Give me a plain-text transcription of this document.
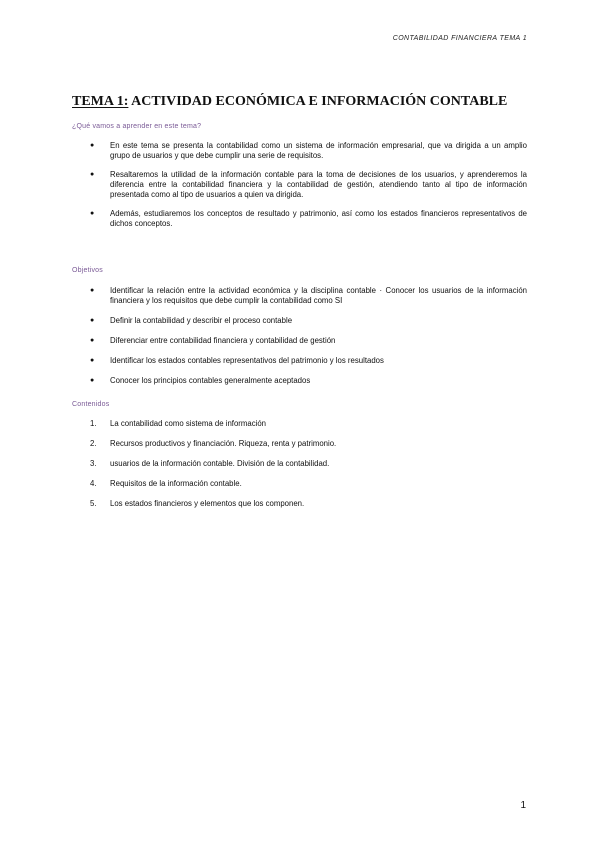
CONTABILIDAD FINANCIERA TEMA 1
TEMA 1: ACTIVIDAD ECONÓMICA E INFORMACIÓN CONTABLE
¿Qué vamos a aprender en este tema?
● En este tema se presenta la contabilidad como un sistema de información empresarial, que va dirigida a un amplio grupo de usuarios y que debe cumplir una serie de requisitos.
● Resaltaremos la utilidad de la información contable para la toma de decisiones de los usuarios, y aprenderemos la diferencia entre la contabilidad financiera y la contabilidad de gestión, atendiendo tanto al tipo de información presentada como al tipo de usuarios a quien va dirigida.
● Además, estudiaremos los conceptos de resultado y patrimonio, así como los estados financieros representativos de dichos conceptos.
Objetivos
● Identificar la relación entre la actividad económica y la disciplina contable · Conocer los usuarios de la información financiera y los requisitos que debe cumplir la contabilidad como SI
● Definir la contabilidad y describir el proceso contable
● Diferenciar entre contabilidad financiera y contabilidad de gestión
● Identificar los estados contables representativos del patrimonio y los resultados
● Conocer los principios contables generalmente aceptados
Contenidos
1. La contabilidad como sistema de información
2. Recursos productivos y financiación. Riqueza, renta y patrimonio.
3. usuarios de la información contable. División de la contabilidad.
4. Requisitos de la información contable.
5. Los estados financieros y elementos que los componen.
1
